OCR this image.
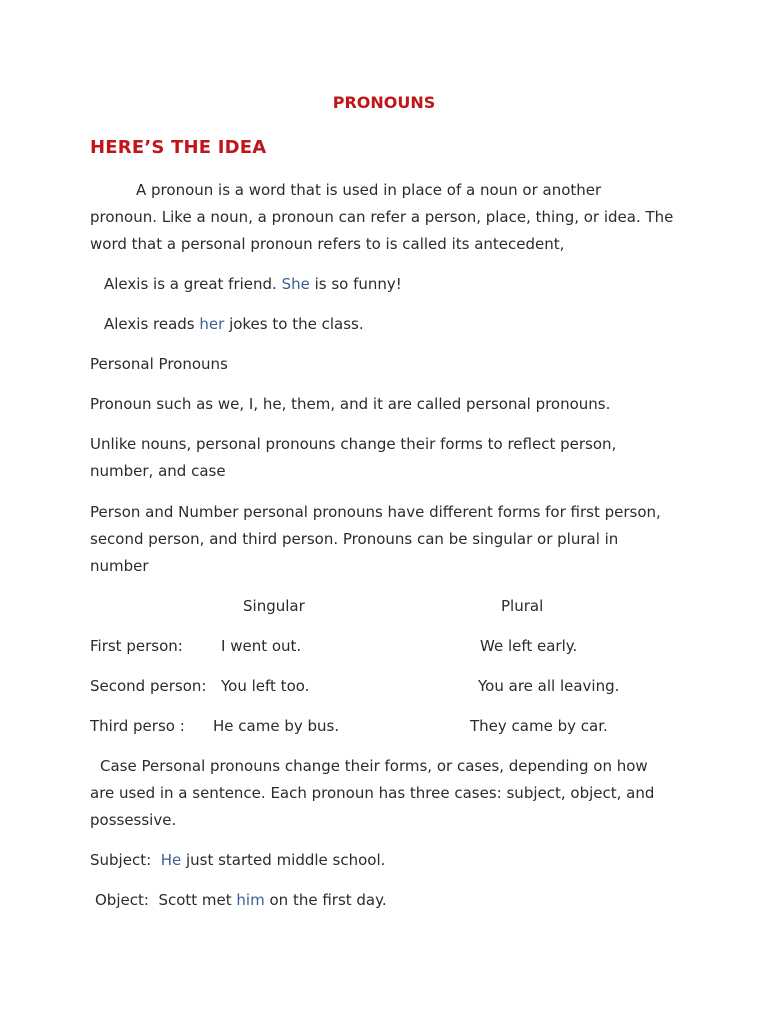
PRONOUNS
HERE’S THE IDEA
A pronoun is a word that is used in place of a noun or another
pronoun. Like a noun, a pronoun can refer a person, place, thing, or idea. The
word that a personal pronoun refers to is called its antecedent,
Alexis is a great friend. She is so funny!
Alexis reads her jokes to the class.
Personal Pronouns
Pronoun such as we, I, he, them, and it are called personal pronouns.
Unlike nouns, personal pronouns change their forms to reflect person,
number, and case
Person and Number personal pronouns have different forms for first person,
second person, and third person. Pronouns can be singular or plural in
number
Singular	Plural
First person:	I went out.	We left early.
Second person: You left too.	You are all leaving.
Third perso : He came by bus.	They came by car.
Case Personal pronouns change their forms, or cases, depending on how
are used in a sentence. Each pronoun has three cases: subject, object, and
possessive.
Subject: He just started middle school.
Object: Scott met him on the first day.
